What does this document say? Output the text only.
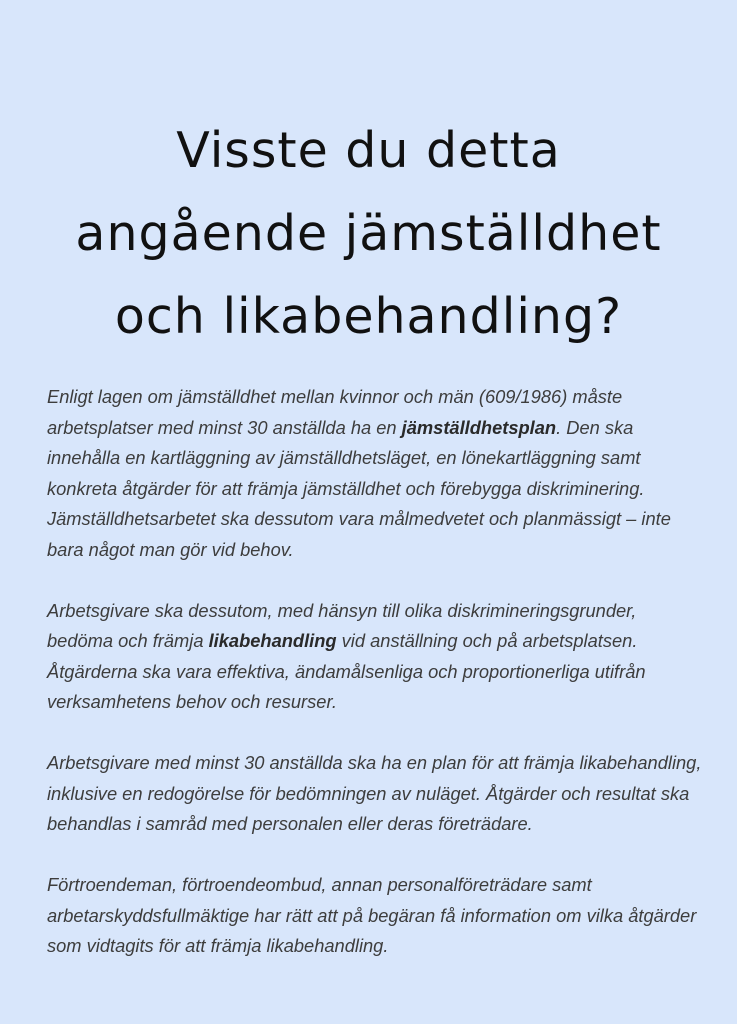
Visste du detta
angående jämställdhet
och likabehandling?

Enligt lagen om jämställdhet mellan kvinnor och män (609/1986) måste arbetsplatser med minst 30 anställda ha en jämställdhetsplan. Den ska innehålla en kartläggning av jämställdhetsläget, en lönekartläggning samt konkreta åtgärder för att främja jämställdhet och förebygga diskriminering. Jämställdhetsarbetet ska dessutom vara målmedvetet och planmässigt – inte bara något man gör vid behov.

Arbetsgivare ska dessutom, med hänsyn till olika diskrimineringsgrunder, bedöma och främja likabehandling vid anställning och på arbetsplatsen. Åtgärderna ska vara effektiva, ändamålsenliga och proportionerliga utifrån verksamhetens behov och resurser.

Arbetsgivare med minst 30 anställda ska ha en plan för att främja likabehandling, inklusive en redogörelse för bedömningen av nuläget. Åtgärder och resultat ska behandlas i samråd med personalen eller deras företrädare.

Förtroendeman, förtroendeombud, annan personalföreträdare samt arbetarskyddsfullmäktige har rätt att på begäran få information om vilka åtgärder som vidtagits för att främja likabehandling.
